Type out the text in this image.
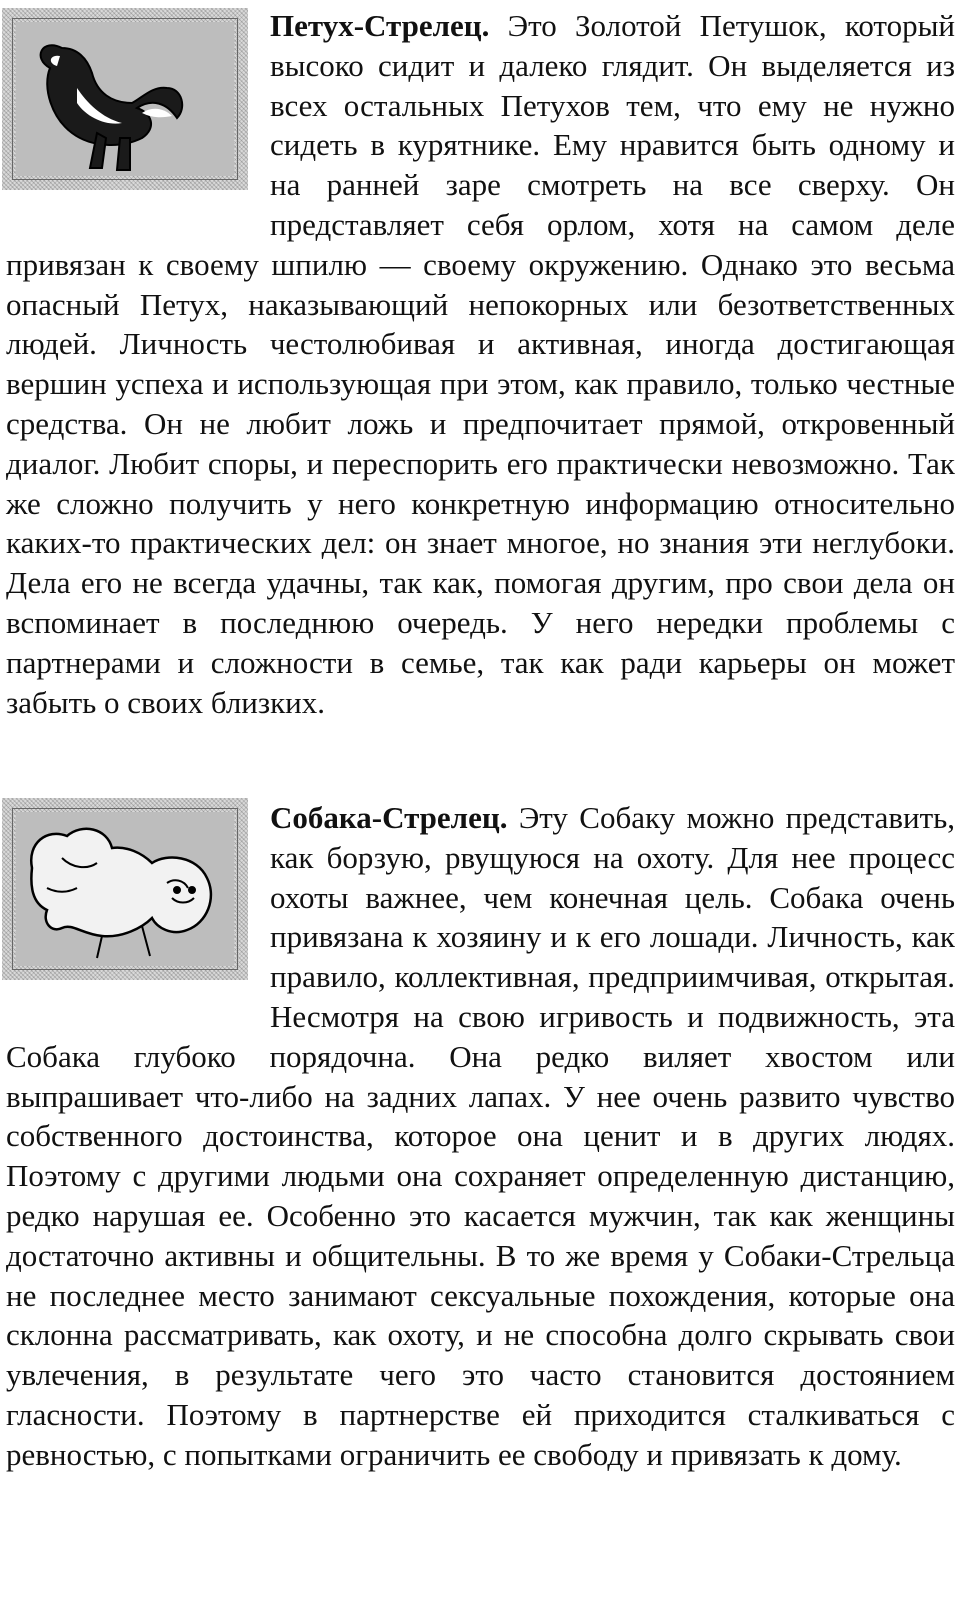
Петух-Стрелец. Это Золотой Петушок, который высоко сидит и далеко глядит. Он выделяется из всех остальных Петухов тем, что ему не нужно сидеть в курятнике. Ему нравится быть одному и на ранней заре смотреть на все сверху. Он представляет себя орлом, хотя на самом деле привязан к своему шпилю — своему окружению. Однако это весьма опасный Петух, наказывающий непокорных или безответственных людей. Личность честолюбивая и активная, иногда достигающая вершин успеха и использующая при этом, как правило, только честные средства. Он не любит ложь и предпочитает прямой, откровенный диалог. Любит споры, и переспорить его практически невозможно. Так же сложно получить у него конкретную информацию относительно каких-то практических дел: он знает многое, но знания эти неглубоки. Дела его не всегда удачны, так как, помогая другим, про свои дела он вспоминает в последнюю очередь. У него нередки проблемы с партнерами и сложности в семье, так как ради карьеры он может забыть о своих близких.

Собака-Стрелец. Эту Собаку можно представить, как борзую, рвущуюся на охоту. Для нее процесс охоты важнее, чем конечная цель. Собака очень привязана к хозяину и к его лошади. Личность, как правило, коллективная, предприимчивая, открытая. Несмотря на свою игривость и подвижность, эта Собака глубоко порядочна. Она редко виляет хвостом или выпрашивает что-либо на задних лапах. У нее очень развито чувство собственного достоинства, которое она ценит и в других людях. Поэтому с другими людьми она сохраняет определенную дистанцию, редко нарушая ее. Особенно это касается мужчин, так как женщины достаточно активны и общительны. В то же время у Собаки-Стрельца не последнее место занимают сексуальные похождения, которые она склонна рассматривать, как охоту, и не способна долго скрывать свои увлечения, в результате чего это часто становится достоянием гласности. Поэтому в партнерстве ей приходится сталкиваться с ревностью, с попытками ограничить ее свободу и привязать к дому.
